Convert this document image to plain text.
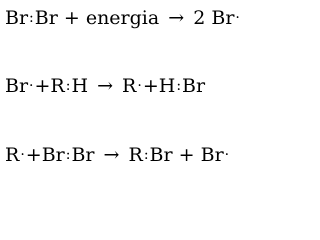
Br:Br + energia → 2 Br·
Br·+R:H → R·+H:Br
R·+Br:Br → R:Br + Br·
